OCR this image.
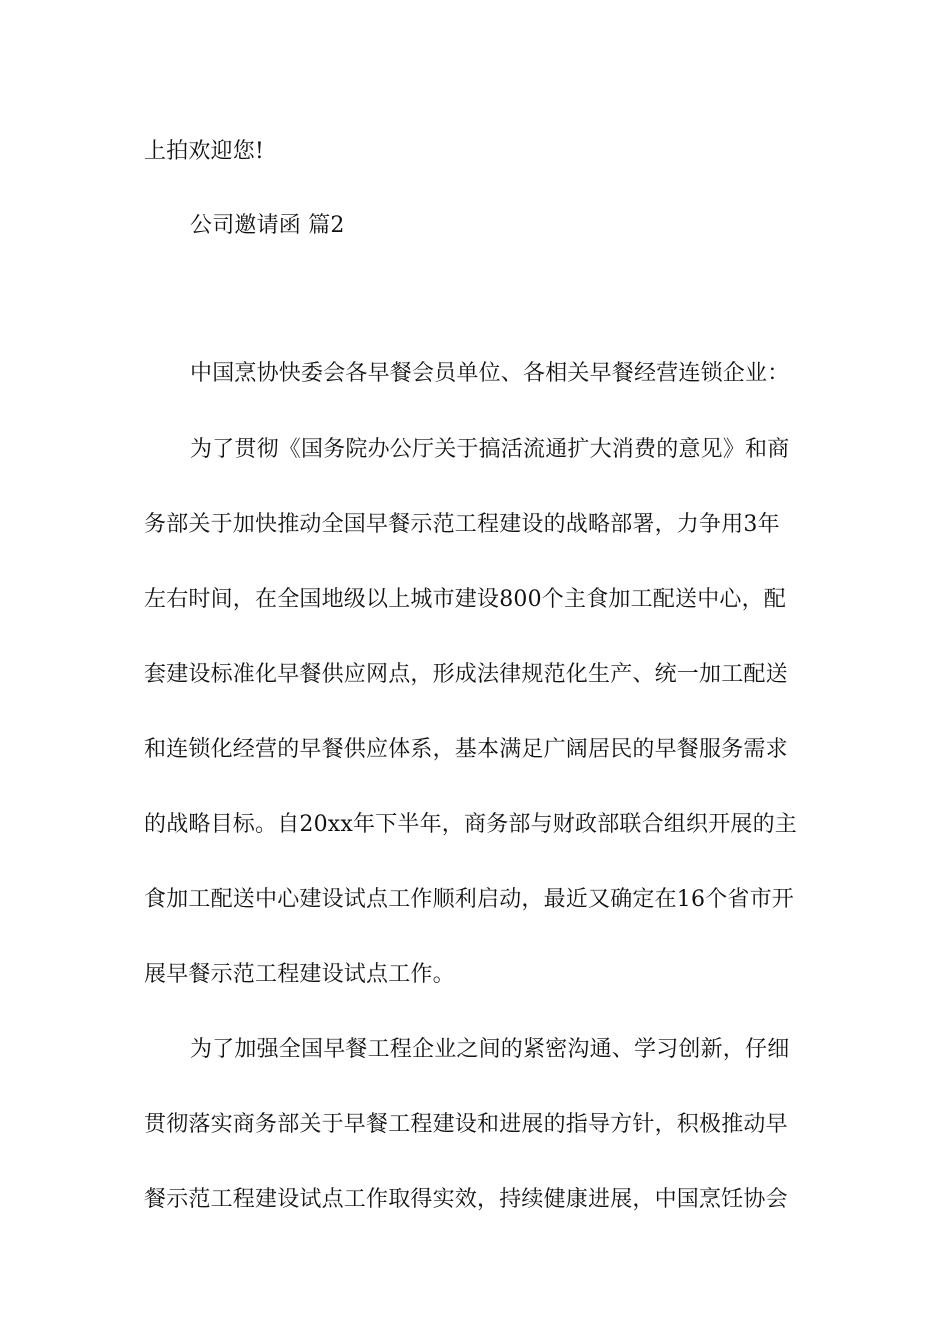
上拍欢迎您!
公司邀请函 篇2
中国烹协快委会各早餐会员单位、各相关早餐经营连锁企业：
为了贯彻《国务院办公厅关于搞活流通扩大消费的意见》和商
务部关于加快推动全国早餐示范工程建设的战略部署，力争用3年
左右时间，在全国地级以上城市建设800个主食加工配送中心，配
套建设标准化早餐供应网点，形成法律规范化生产、统一加工配送
和连锁化经营的早餐供应体系，基本满足广阔居民的早餐服务需求
的战略目标。自20xx年下半年，商务部与财政部联合组织开展的主
食加工配送中心建设试点工作顺利启动，最近又确定在16个省市开
展早餐示范工程建设试点工作。
为了加强全国早餐工程企业之间的紧密沟通、学习创新，仔细
贯彻落实商务部关于早餐工程建设和进展的指导方针，积极推动早
餐示范工程建设试点工作取得实效，持续健康进展，中国烹饪协会
